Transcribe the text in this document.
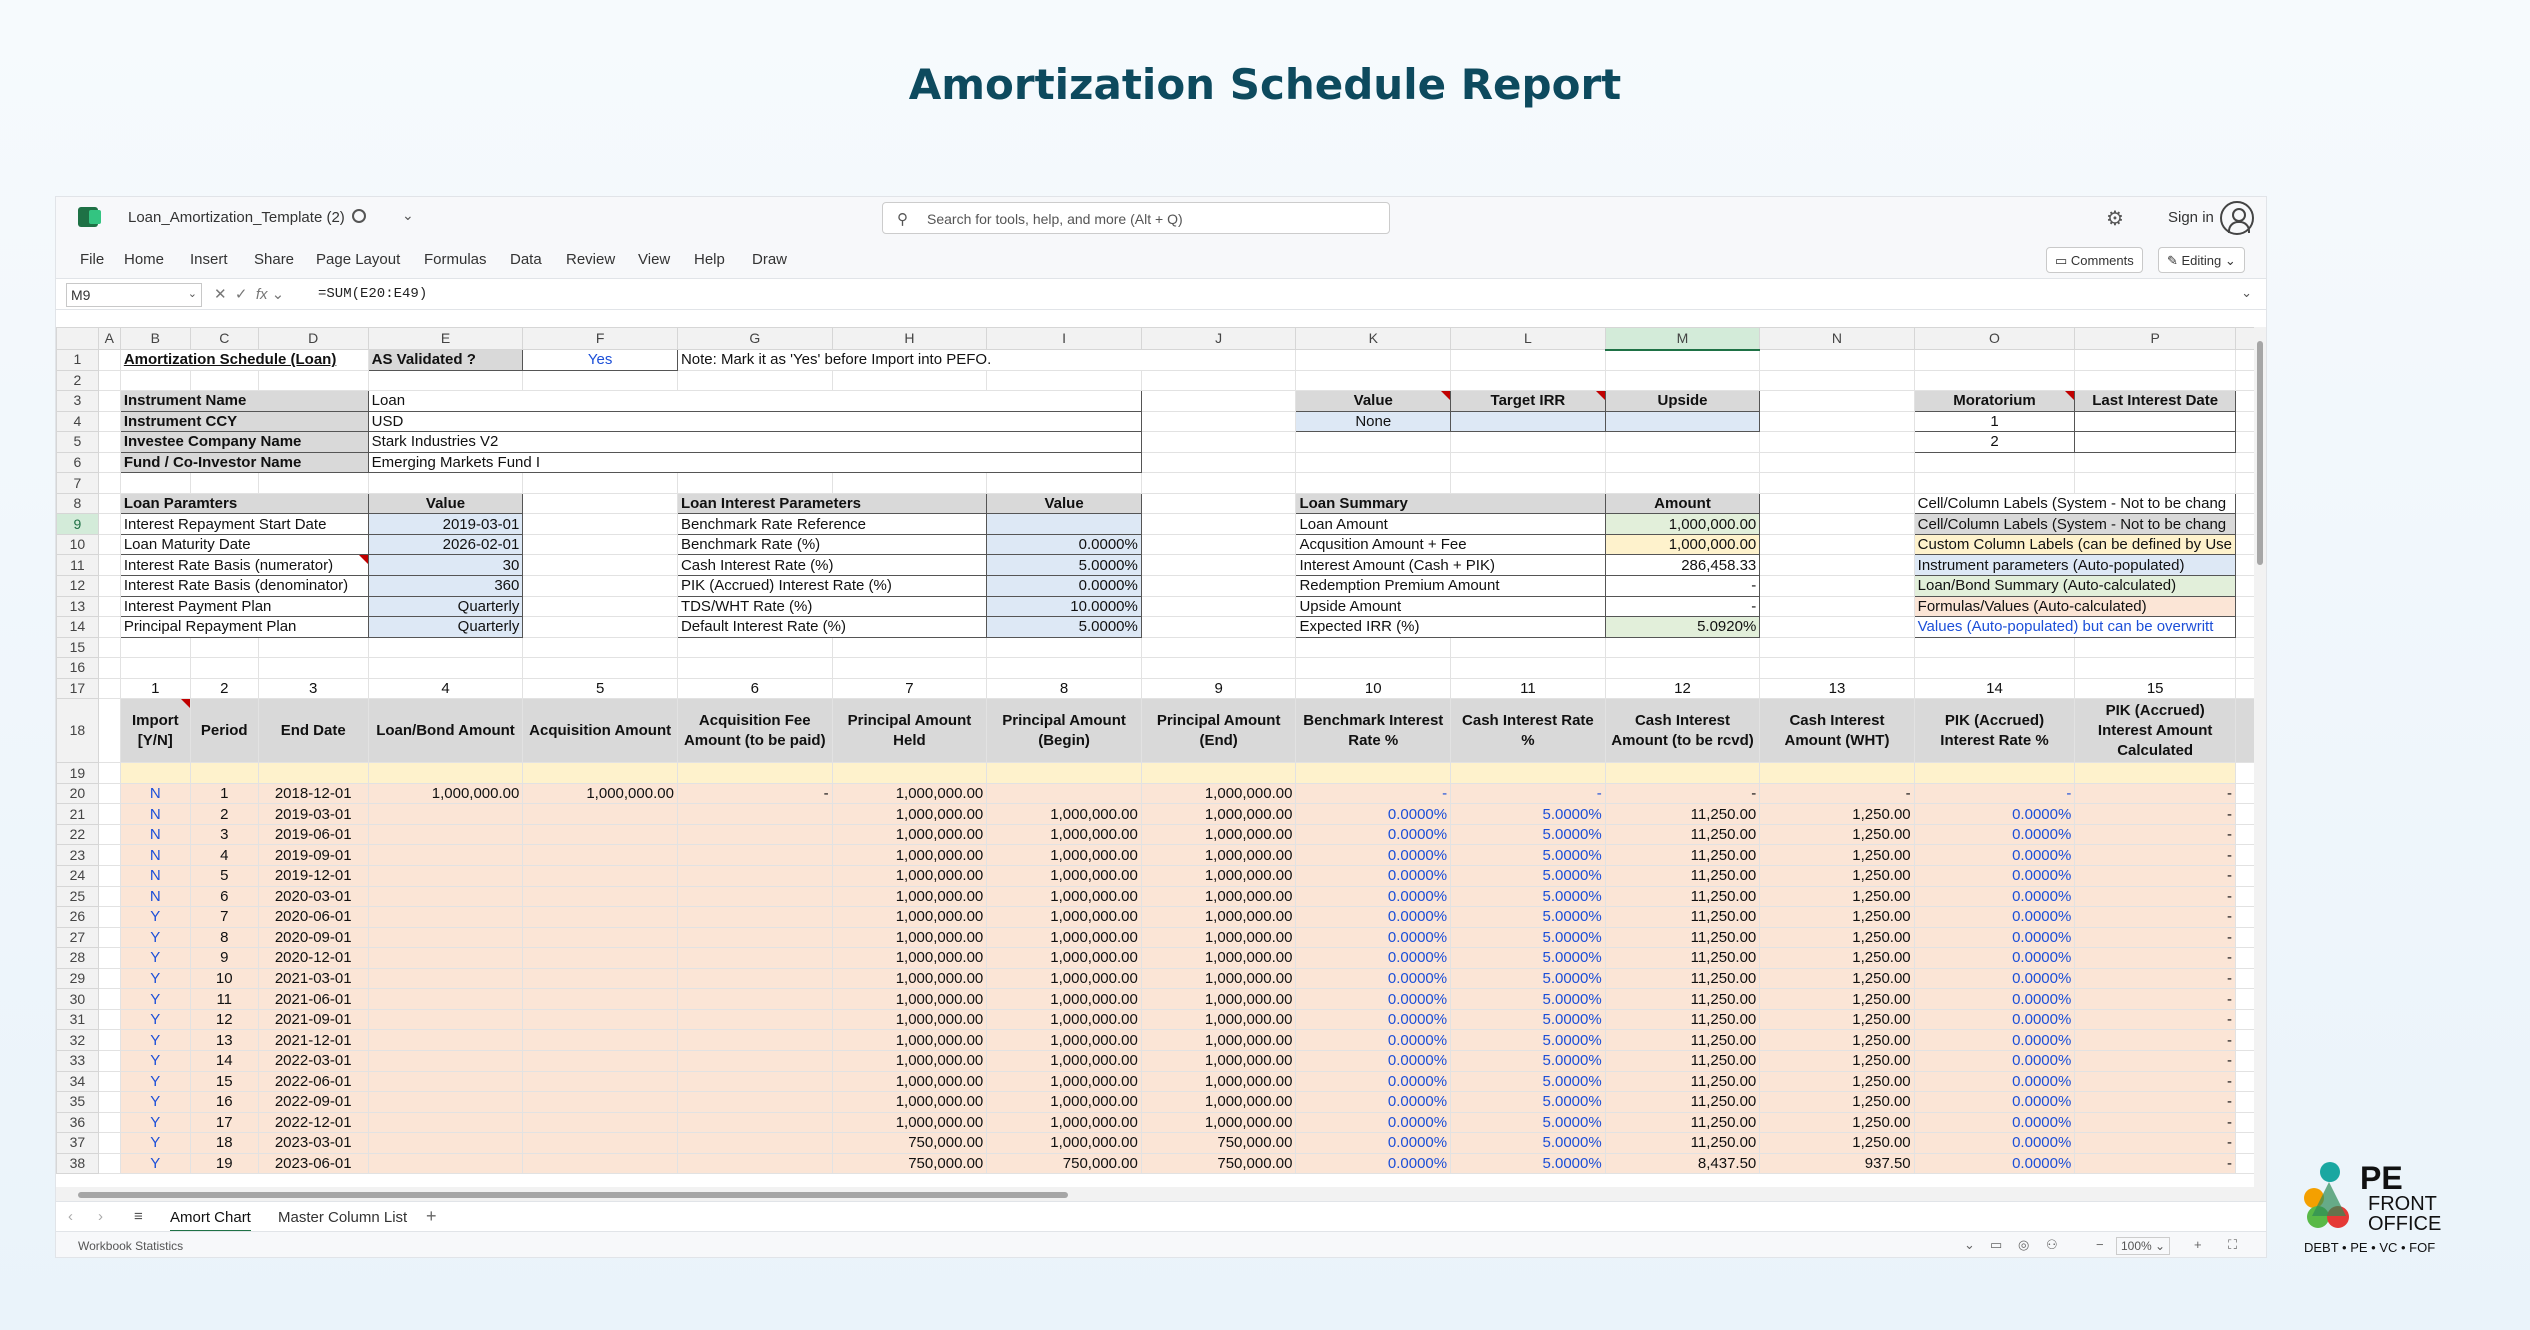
Amortization Schedule Report
Loan_Amortization_Template (2)	⌄	⚲ Search for tools, help, and more (Alt + Q)	⚙	Sign in
File Home Insert Share Page Layout Formulas Data Review View Help Draw	▭ Comments	✎ Editing ⌄
M9	⌄ ✕  ✓  fx ⌄ =SUM(E20:E49)	⌄
	A	B	C	D	E	F	G	H	I	J	K	L	M	N	O	P	
1		Amortization Schedule (Loan)			AS Validated ?	Yes	Note: Mark it as 'Yes' before Import into PEFO.										
2																	
3		Instrument Name			Loan						Value	Target IRR	Upside		Moratorium	Last Interest Date	
4		Instrument CCY			USD						None				1		
5		Investee Company Name			Stark Industries V2										2		
6		Fund / Co-Investor Name			Emerging Markets Fund I												
7																	
8		Loan Paramters			Value		Loan Interest Parameters		Value		Loan Summary		Amount		Cell/Column Labels (System - Not to be chang		
9		Interest Repayment Start Date			2019-03-01		Benchmark Rate Reference				Loan Amount		1,000,000.00		Cell/Column Labels (System - Not to be chang		
10		Loan Maturity Date			2026-02-01		Benchmark Rate (%)		0.0000%		Acqusition Amount + Fee		1,000,000.00		Custom Column Labels (can be defined by Use		
11		Interest Rate Basis (numerator)			30		Cash Interest Rate (%)		5.0000%		Interest Amount (Cash + PIK)		286,458.33		Instrument parameters (Auto-populated)		
12		Interest Rate Basis (denominator)			360		PIK (Accrued) Interest Rate (%)		0.0000%		Redemption Premium Amount		-		Loan/Bond Summary (Auto-calculated)		
13		Interest Payment Plan			Quarterly		TDS/WHT Rate (%)		10.0000%		Upside Amount		-		Formulas/Values (Auto-calculated)		
14		Principal Repayment Plan			Quarterly		Default Interest Rate (%)		5.0000%		Expected IRR (%)		5.0920%		Values (Auto-populated) but can be overwritt		
15																	
16																	
17		1	2	3	4	5	6	7	8	9	10	11	12	13	14	15	
18		Import [Y/N]	Period	End Date	Loan/Bond Amount	Acquisition Amount	Acquisition Fee Amount (to be paid)	Principal Amount Held	Principal Amount (Begin)	Principal Amount (End)	Benchmark Interest Rate %	Cash Interest Rate %	Cash Interest Amount (to be rcvd)	Cash Interest Amount (WHT)	PIK (Accrued) Interest Rate %	PIK (Accrued) Interest Amount Calculated	
19																	
20		N	1	2018-12-01	1,000,000.00	1,000,000.00	-	1,000,000.00		1,000,000.00	-	-	-	-	-	-	
21		N	2	2019-03-01				1,000,000.00	1,000,000.00	1,000,000.00	0.0000%	5.0000%	11,250.00	1,250.00	0.0000%	-	
22		N	3	2019-06-01				1,000,000.00	1,000,000.00	1,000,000.00	0.0000%	5.0000%	11,250.00	1,250.00	0.0000%	-	
23		N	4	2019-09-01				1,000,000.00	1,000,000.00	1,000,000.00	0.0000%	5.0000%	11,250.00	1,250.00	0.0000%	-	
24		N	5	2019-12-01				1,000,000.00	1,000,000.00	1,000,000.00	0.0000%	5.0000%	11,250.00	1,250.00	0.0000%	-	
25		N	6	2020-03-01				1,000,000.00	1,000,000.00	1,000,000.00	0.0000%	5.0000%	11,250.00	1,250.00	0.0000%	-	
26		Y	7	2020-06-01				1,000,000.00	1,000,000.00	1,000,000.00	0.0000%	5.0000%	11,250.00	1,250.00	0.0000%	-	
27		Y	8	2020-09-01				1,000,000.00	1,000,000.00	1,000,000.00	0.0000%	5.0000%	11,250.00	1,250.00	0.0000%	-	
28		Y	9	2020-12-01				1,000,000.00	1,000,000.00	1,000,000.00	0.0000%	5.0000%	11,250.00	1,250.00	0.0000%	-	
29		Y	10	2021-03-01				1,000,000.00	1,000,000.00	1,000,000.00	0.0000%	5.0000%	11,250.00	1,250.00	0.0000%	-	
30		Y	11	2021-06-01				1,000,000.00	1,000,000.00	1,000,000.00	0.0000%	5.0000%	11,250.00	1,250.00	0.0000%	-	
31		Y	12	2021-09-01				1,000,000.00	1,000,000.00	1,000,000.00	0.0000%	5.0000%	11,250.00	1,250.00	0.0000%	-	
32		Y	13	2021-12-01				1,000,000.00	1,000,000.00	1,000,000.00	0.0000%	5.0000%	11,250.00	1,250.00	0.0000%	-	
33		Y	14	2022-03-01				1,000,000.00	1,000,000.00	1,000,000.00	0.0000%	5.0000%	11,250.00	1,250.00	0.0000%	-	
34		Y	15	2022-06-01				1,000,000.00	1,000,000.00	1,000,000.00	0.0000%	5.0000%	11,250.00	1,250.00	0.0000%	-	
35		Y	16	2022-09-01				1,000,000.00	1,000,000.00	1,000,000.00	0.0000%	5.0000%	11,250.00	1,250.00	0.0000%	-	
36		Y	17	2022-12-01				1,000,000.00	1,000,000.00	1,000,000.00	0.0000%	5.0000%	11,250.00	1,250.00	0.0000%	-	
37		Y	18	2023-03-01				750,000.00	1,000,000.00	750,000.00	0.0000%	5.0000%	11,250.00	1,250.00	0.0000%	-	
38		Y	19	2023-06-01				750,000.00	750,000.00	750,000.00	0.0000%	5.0000%	8,437.50	937.50	0.0000%	-	
‹ › ≡ Amort Chart Master Column List +
Workbook Statistics	⌄ ▭ ◎ ⚇	−	100% ⌄	+ ⛶
PE
FRONT
OFFICE
DEBT • PE • VC • FOF
